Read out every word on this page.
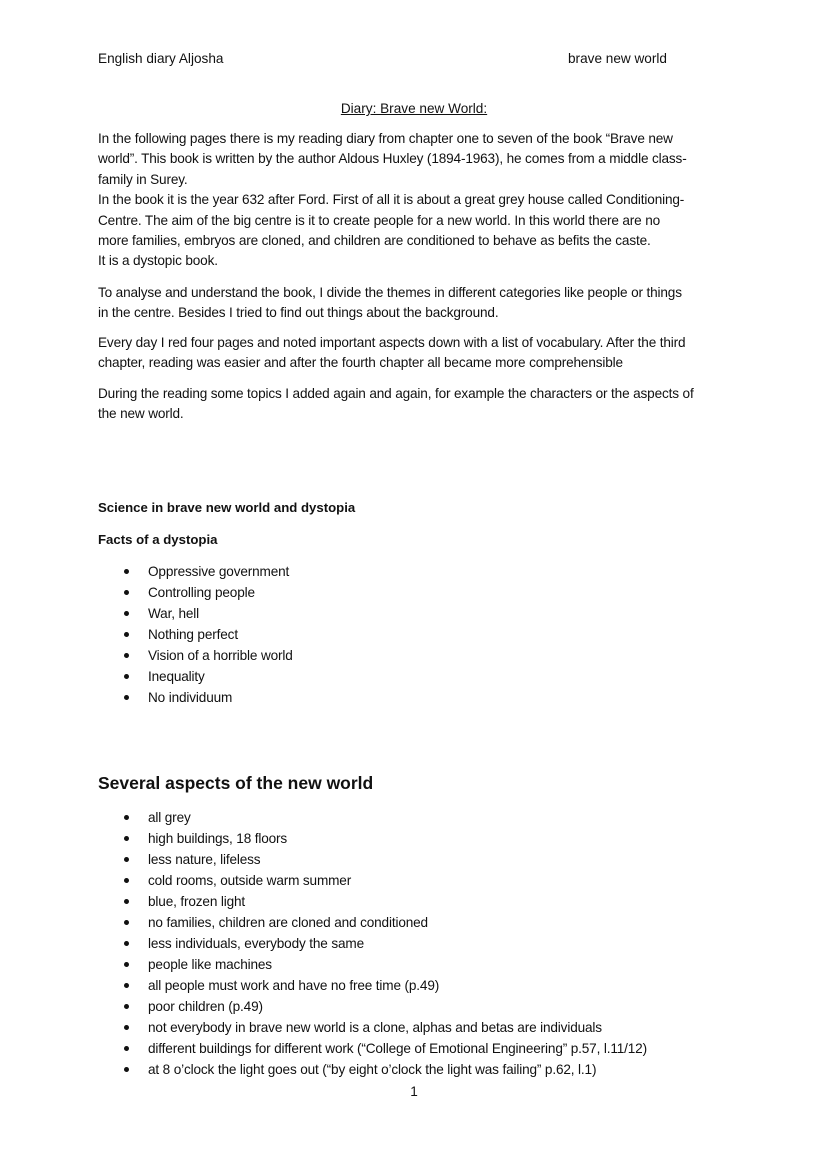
English diary Aljosha	brave new world
Diary: Brave new World:
In the following pages there is my reading diary from chapter one to seven of the book “Brave new
world”. This book is written by the author Aldous Huxley (1894-1963), he comes from a middle class-
family in Surey.
In the book it is the year 632 after Ford. First of all it is about a great grey house called Conditioning-
Centre. The aim of the big centre is it to create people for a new world. In this world there are no
more families, embryos are cloned, and children are conditioned to behave as befits the caste.
It is a dystopic book.
To analyse and understand the book, I divide the themes in different categories like people or things
in the centre. Besides I tried to find out things about the background.
Every day I red four pages and noted important aspects down with a list of vocabulary. After the third
chapter, reading was easier and after the fourth chapter all became more comprehensible
During the reading some topics I added again and again, for example the characters or the aspects of
the new world.
Science in brave new world and dystopia
Facts of a dystopia
Oppressive government
Controlling people
War, hell
Nothing perfect
Vision of a horrible world
Inequality
No individuum
Several aspects of the new world
all grey
high buildings, 18 floors
less nature, lifeless
cold rooms, outside warm summer
blue, frozen light
no families, children are cloned and conditioned
less individuals, everybody the same
people like machines
all people must work and have no free time (p.49)
poor children (p.49)
not everybody in brave new world is a clone, alphas and betas are individuals
different buildings for different work (“College of Emotional Engineering” p.57, l.11/12)
at 8 o’clock the light goes out (“by eight o’clock the light was failing” p.62, l.1)
1
